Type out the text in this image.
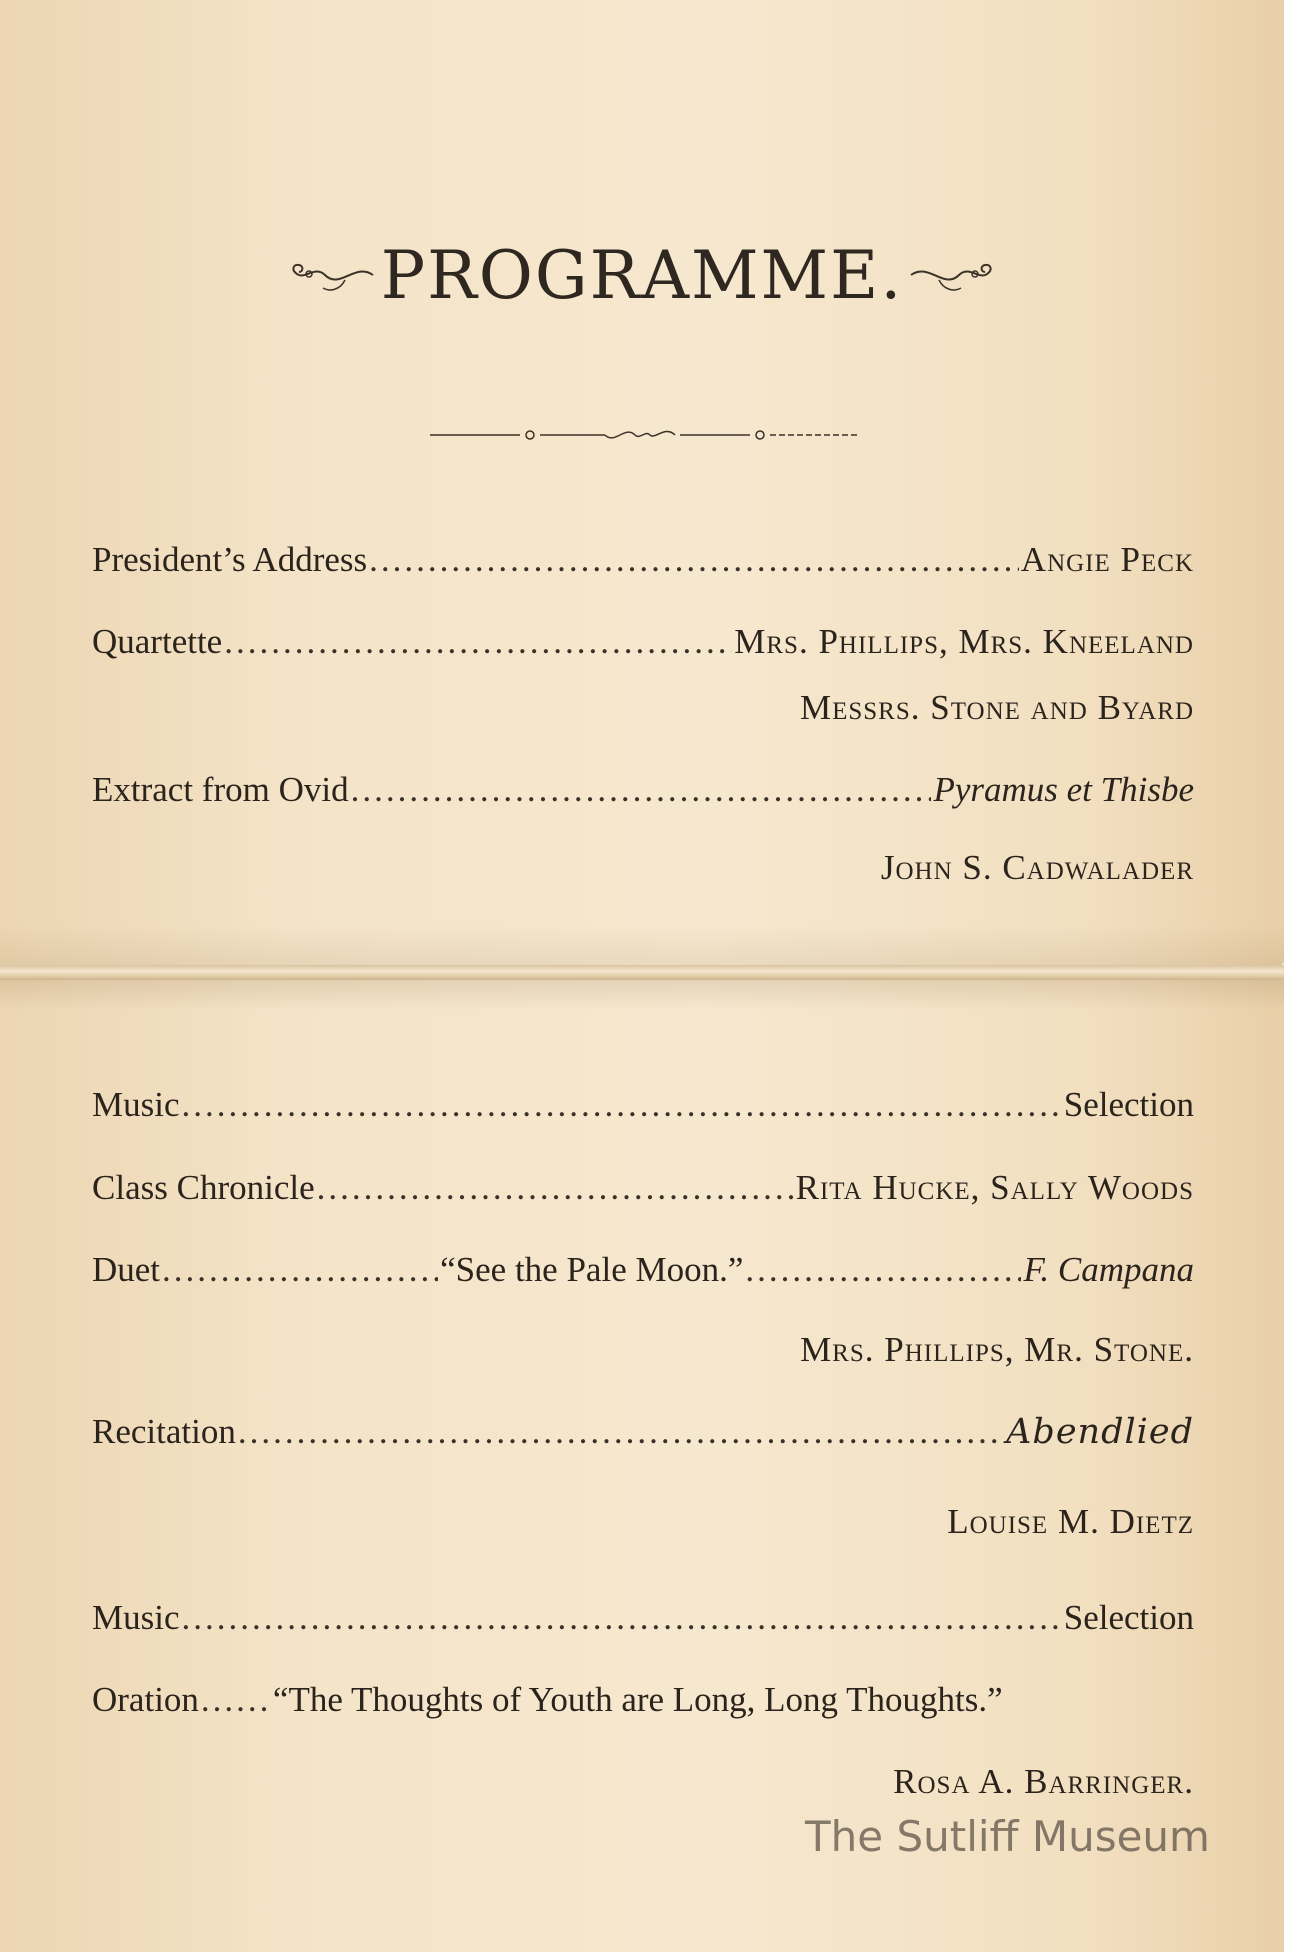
PROGRAMME.
President’s Address .....	Angie Peck
Quartette .....	Mrs. Phillips, Mrs. Kneeland
Messrs. Stone and Byard
Extract from Ovid .....	Pyramus et Thisbe
John S. Cadwalader
Music .....	Selection
Class Chronicle .....	Rita Hucke, Sally Woods
Duet .....	“See the Pale Moon.” .....	F. Campana
Mrs. Phillips, Mr. Stone.
Recitation .....	Abendlied
Louise M. Dietz
Music .....	Selection
Oration ..... “The Thoughts of Youth are Long, Long Thoughts.”
Rosa A. Barringer.
The Sutliff Museum
